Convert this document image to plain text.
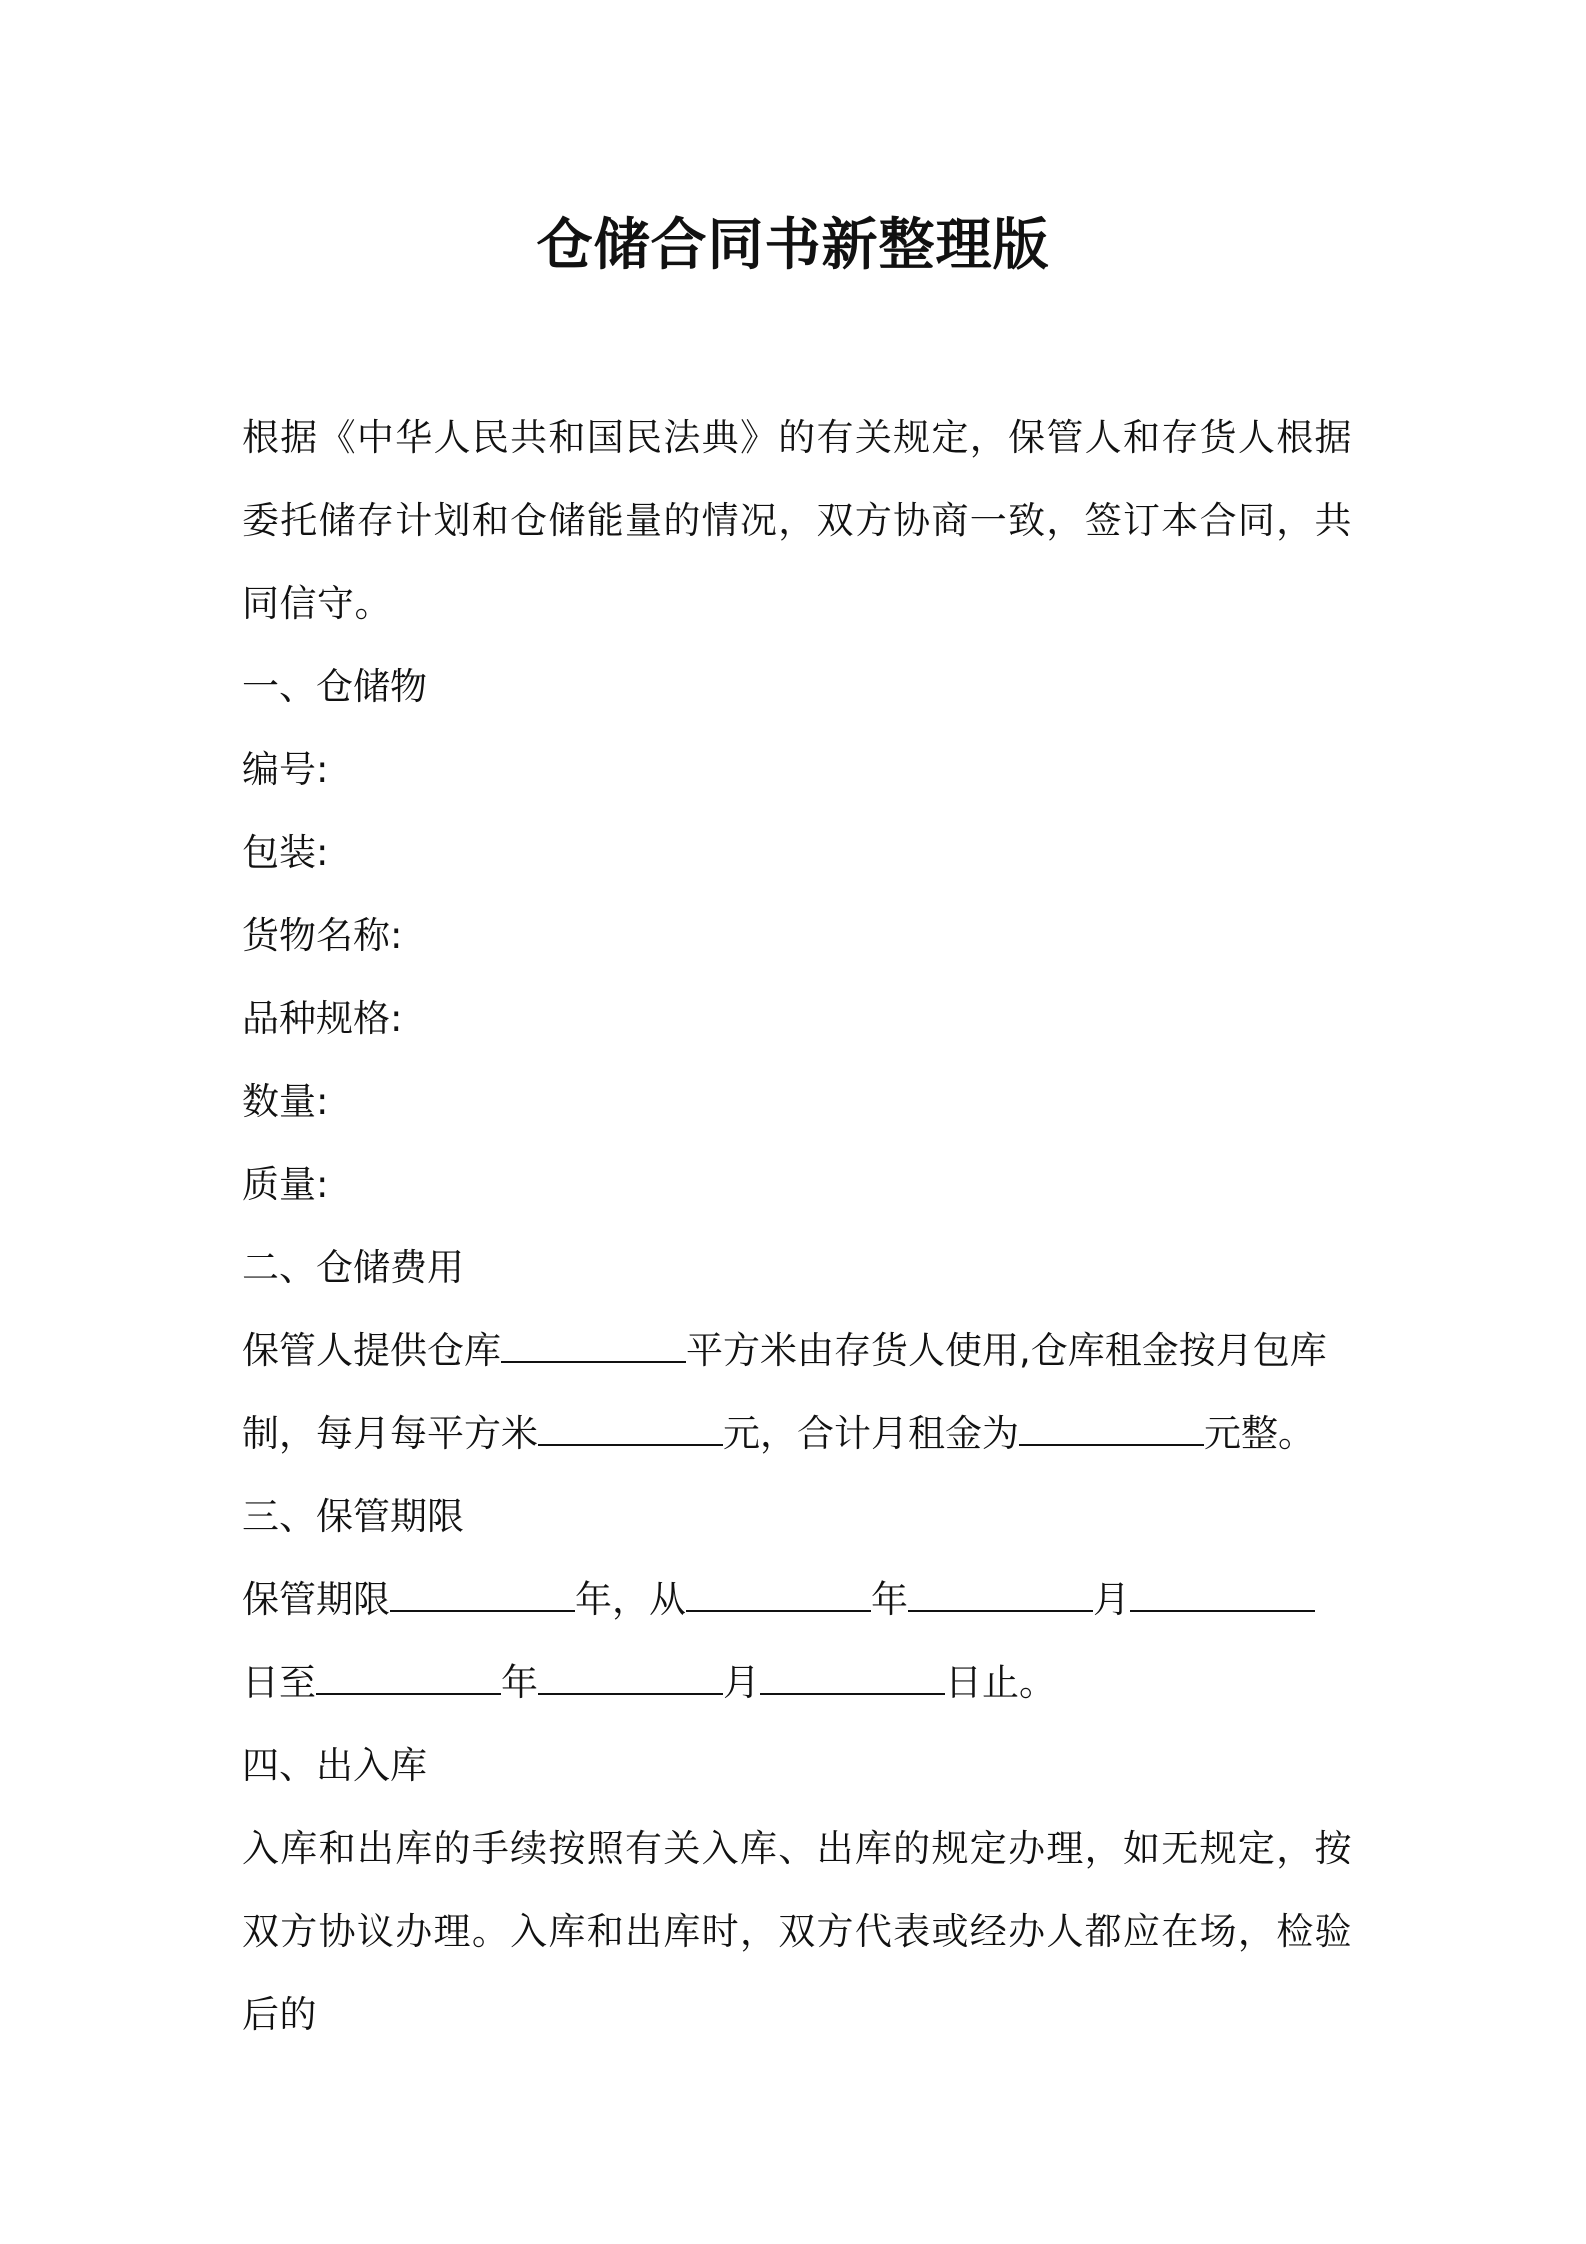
仓储合同书新整理版

根据《中华人民共和国民法典》的有关规定，保管人和存货人根据委托储存计划和仓储能量的情况，双方协商一致，签订本合同，共同信守。

一、仓储物
编号:
包装:
货物名称:
品种规格:
数量:
质量:
二、仓储费用
保管人提供仓库	平方米由存货人使用,仓库租金按月包库
制，每月每平方米	元，合计月租金为	元整。
三、保管期限
保管期限	年，从	年	月
日至	年	月	日止。
四、出入库

入库和出库的手续按照有关入库、出库的规定办理，如无规定，按双方协议办理。入库和出库时，双方代表或经办人都应在场，检验后的
